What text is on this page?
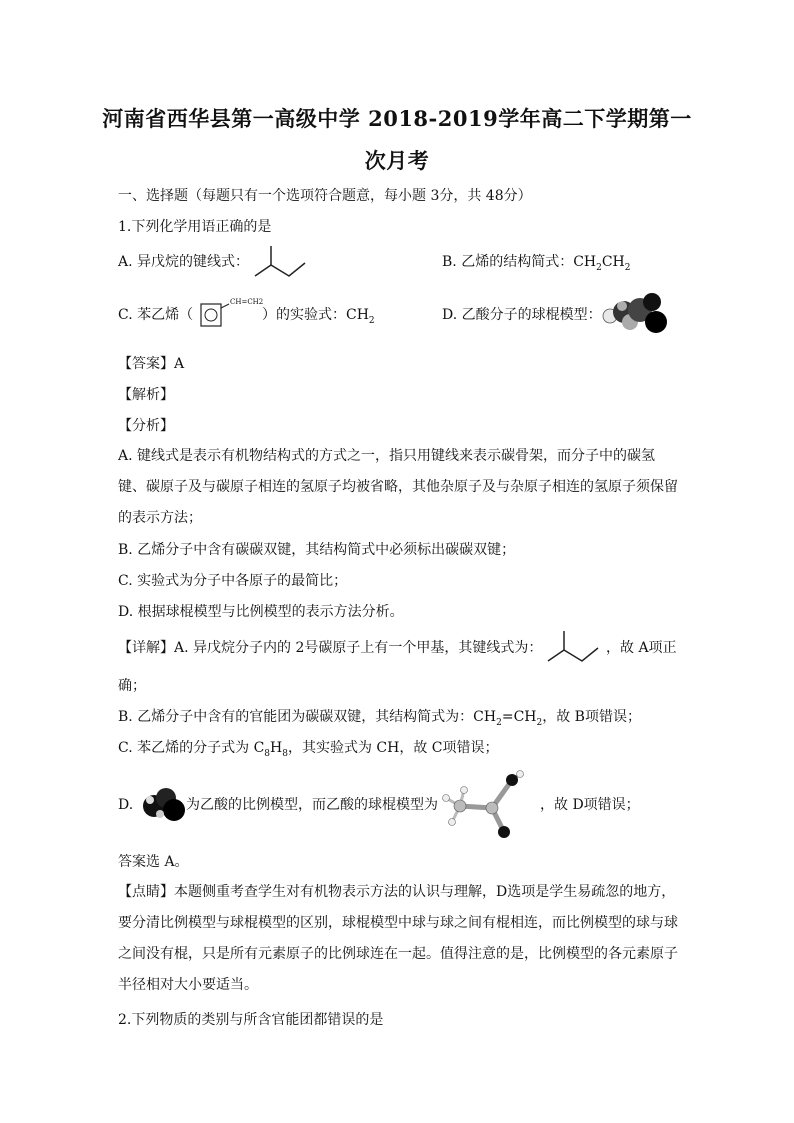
河南省西华县第一高级中学 2018-2019学年高二下学期第一
次月考
一、选择题（每题只有一个选项符合题意，每小题 3分，共 48分）
1.下列化学用语正确的是
A. 异戊烷的键线式：	B. 乙烯的结构简式：$CH_2CH_2$
C. 苯乙烯（
CH=CH2
）的实验式：$CH_2$	D. 乙酸分子的球棍模型：
【答案】A
【解析】
【分析】
A. 键线式是表示有机物结构式的方式之一，指只用键线来表示碳骨架，而分子中的碳氢键、碳原子及与碳原子相连的氢原子均被省略，其他杂原子及与杂原子相连的氢原子须保留的表示方法；
B. 乙烯分子中含有碳碳双键，其结构简式中必须标出碳碳双键；
C. 实验式为分子中各原子的最简比；
D. 根据球棍模型与比例模型的表示方法分析。
【详解】A. 异戊烷分子内的 2号碳原子上有一个甲基，其键线式为：	，故 A项正
确；
B. 乙烯分子中含有的官能团为碳碳双键，其结构简式为：$CH_2=CH_2$，故 B项错误；
C. 苯乙烯的分子式为 $C_8H_8$，其实验式为 CH，故 C项错误；
D.	为乙酸的比例模型，而乙酸的球棍模型为	，故 D项错误；
答案选 A。
【点睛】本题侧重考查学生对有机物表示方法的认识与理解，D选项是学生易疏忽的地方，要分清比例模型与球棍模型的区别，球棍模型中球与球之间有棍相连，而比例模型的球与球之间没有棍，只是所有元素原子的比例球连在一起。值得注意的是，比例模型的各元素原子半径相对大小要适当。
2.下列物质的类别与所含官能团都错误的是
